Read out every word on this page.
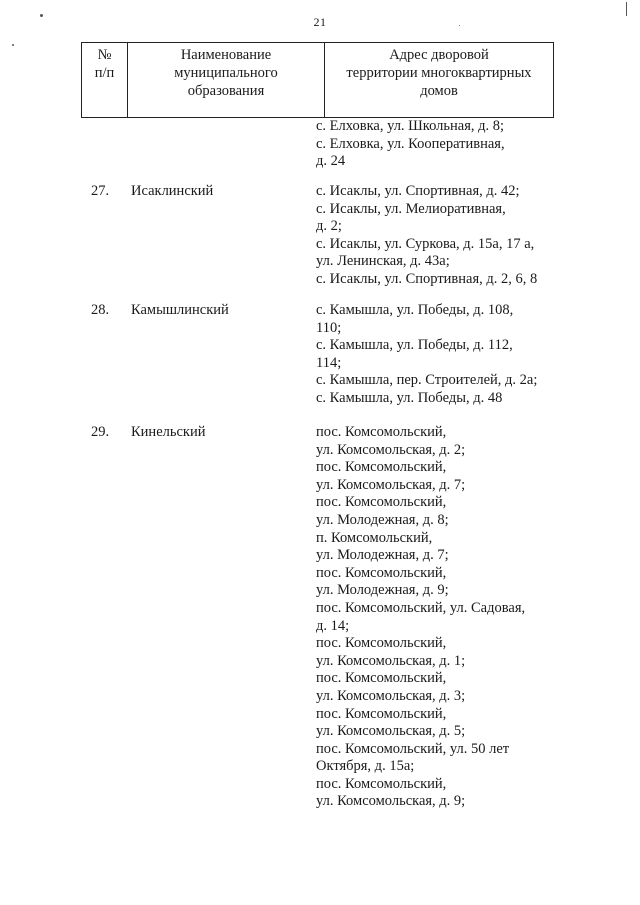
21
№
п/п

Наименование
муниципального
образования

Адрес дворовой
территории многоквартирных
домов
с. Елховка, ул. Школьная, д. 8;
с. Елховка, ул. Кооперативная,
д. 24
27. Исаклинский	с. Исаклы, ул. Спортивная, д. 42;
с. Исаклы, ул. Мелиоративная,
д. 2;
с. Исаклы, ул. Суркова, д. 15а, 17 а,
ул. Ленинская, д. 43а;
с. Исаклы, ул. Спортивная, д. 2, 6, 8
28. Камышлинский	с. Камышла, ул. Победы, д. 108,
110;
с. Камышла, ул. Победы, д. 112,
114;
с. Камышла, пер. Строителей, д. 2а;
с. Камышла, ул. Победы, д. 48
29. Кинельский	пос. Комсомольский,
ул. Комсомольская, д. 2;
пос. Комсомольский,
ул. Комсомольская, д. 7;
пос. Комсомольский,
ул. Молодежная, д. 8;
п. Комсомольский,
ул. Молодежная, д. 7;
пос. Комсомольский,
ул. Молодежная, д. 9;
пос. Комсомольский, ул. Садовая,
д. 14;
пос. Комсомольский,
ул. Комсомольская, д. 1;
пос. Комсомольский,
ул. Комсомольская, д. 3;
пос. Комсомольский,
ул. Комсомольская, д. 5;
пос. Комсомольский, ул. 50 лет
Октября, д. 15а;
пос. Комсомольский,
ул. Комсомольская, д. 9;
